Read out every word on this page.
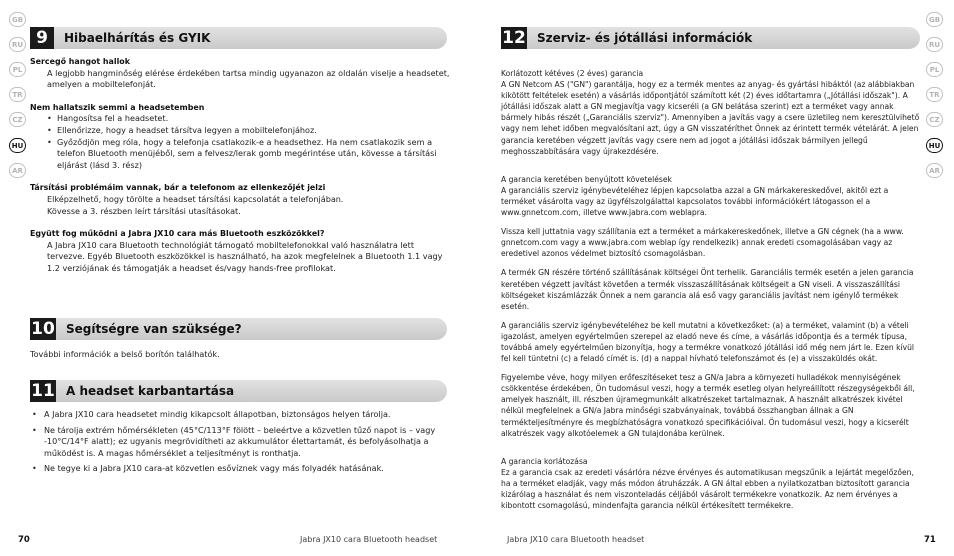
9	Hibaelhárítás és GYIK
Sercegő hangot hallok
A legjobb hangminőség elérése érdekében tartsa mindig ugyanazon az oldalán viselje a headsetet, amelyen a mobiltelefonját.
Nem hallatszik semmi a headsetemben
• Hangosítsa fel a headsetet.
• Ellenőrizze, hogy a headset társítva legyen a mobiltelefonjához.
• Győződjön meg róla, hogy a telefonja csatlakozik-e a headsethez. Ha nem csatlakozik sem a telefon Bluetooth menüjéből, sem a felvesz/lerak gomb megérintése után, kövesse a társítási eljárást (lásd 3. rész)
Társítási problémáim vannak, bár a telefonom az ellenkezőjét jelzi
Elképzelhető, hogy törölte a headset társítási kapcsolatát a telefonjában.
Kövesse a 3. részben leírt társítási utasításokat.
Együtt fog működni a Jabra JX10 cara más Bluetooth eszközökkel?
A Jabra JX10 cara Bluetooth technológiát támogató mobiltelefonokkal való használatra lett tervezve. Egyéb Bluetooth eszközökkel is használható, ha azok megfelelnek a Bluetooth 1.1 vagy 1.2 verziójának és támogatják a headset és/vagy hands-free profilokat.
10 Segítségre van szüksége?
További információk a belső borítón találhatók.
11 A headset karbantartása
• A Jabra JX10 cara headsetet mindig kikapcsolt állapotban, biztonságos helyen tárolja.
• Ne tárolja extrém hőmérsékleten (45°C/113°F fölött – beleértve a közvetlen tűző napot is – vagy -10°C/14°F alatt); ez ugyanis megrövidítheti az akkumulátor élettartamát, és befolyásolhatja a működést is. A magas hőmérséklet a teljesítményt is ronthatja.
• Ne tegye ki a Jabra JX10 cara-at közvetlen esővíznek vagy más folyadék hatásának.
70	Jabra JX10 cara Bluetooth headset
12 Szerviz- és jótállási információk
Korlátozott kétéves (2 éves) garancia
A GN Netcom AS ("GN") garantálja, hogy ez a termék mentes az anyag- és gyártási hibáktól (az alábbiakban kikötött feltételek esetén) a vásárlás időpontjától számított két (2) éves időtartamra („Jótállási időszak"). A jótállási időszak alatt a GN megjavítja vagy kicseréli (a GN belátása szerint) ezt a terméket vagy annak bármely hibás részét („Garanciális szerviz"). Amennyiben a javítás vagy a csere üzletileg nem keresztülvihető vagy nem lehet időben megvalósítani azt, úgy a GN visszatéríthet Önnek az érintett termék vételárát. A jelen garancia keretében végzett javítás vagy csere nem ad jogot a jótállási időszak bármilyen jellegű meghosszabbítására vagy újrakezdésére.
A garancia keretében benyújtott követelések
A garanciális szerviz igénybevételéhez lépjen kapcsolatba azzal a GN márkakereskedővel, akitől ezt a terméket vásárolta vagy az ügyfélszolgálattal kapcsolatos további információkért látogasson el a www.gnnetcom.com, illetve www.jabra.com weblapra.
Vissza kell juttatnia vagy szállítania ezt a terméket a márkakereskedőnek, illetve a GN cégnek (ha a www. gnnetcom.com vagy a www.jabra.com weblap így rendelkezik) annak eredeti csomagolásában vagy az eredetivel azonos védelmet biztosító csomagolásban.
A termék GN részére történő szállításának költségei Önt terhelik. Garanciális termék esetén a jelen garancia keretében végzett javítást követően a termék visszaszállításának költségeit a GN viseli. A visszaszállítási költségeket kiszámlázzák Önnek a nem garancia alá eső vagy garanciális javítást nem igénylő termékek esetén.
A garanciális szerviz igénybevételéhez be kell mutatni a következőket: (a) a terméket, valamint (b) a vételi igazolást, amelyen egyértelműen szerepel az eladó neve és címe, a vásárlás időpontja és a termék típusa, továbbá amely egyértelműen bizonyítja, hogy a termékre vonatkozó jótállási idő még nem járt le. Ezen kívül fel kell tüntetni (c) a feladó címét is. (d) a nappal hívható telefonszámot és (e) a visszaküldés okát.
Figyelembe véve, hogy milyen erőfeszítéseket tesz a GN/a Jabra a környezeti hulladékok mennyiségének csökkentése érdekében, Ön tudomásul veszi, hogy a termék esetleg olyan helyreállított részegységekből áll, amelyek használt, ill. részben újramegmunkált alkatrészeket tartalmaznak. A használt alkatrészek kivétel nélkül megfelelnek a GN/a Jabra minőségi szabványainak, továbbá összhangban állnak a GN termékteljesítményre és megbízhatóságra vonatkozó specifikációival. Ön tudomásul veszi, hogy a kicserélt alkatrészek vagy alkotóelemek a GN tulajdonába kerülnek.
A garancia korlátozása
Ez a garancia csak az eredeti vásárlóra nézve érvényes és automatikusan megszűnik a lejártát megelőzően, ha a terméket eladják, vagy más módon átruházzák. A GN által ebben a nyilatkozatban biztosított garancia kizárólag a használat és nem viszonteladás céljából vásárolt termékekre vonatkozik. Az nem érvényes a kibontott csomagolású, mindenfajta garancia nélkül értékesített termékekre.
Jabra JX10 cara Bluetooth headset	71
GB
RU
PL
TR
CZ
HU
AR
GB
RU
PL
TR
CZ
HU
AR
